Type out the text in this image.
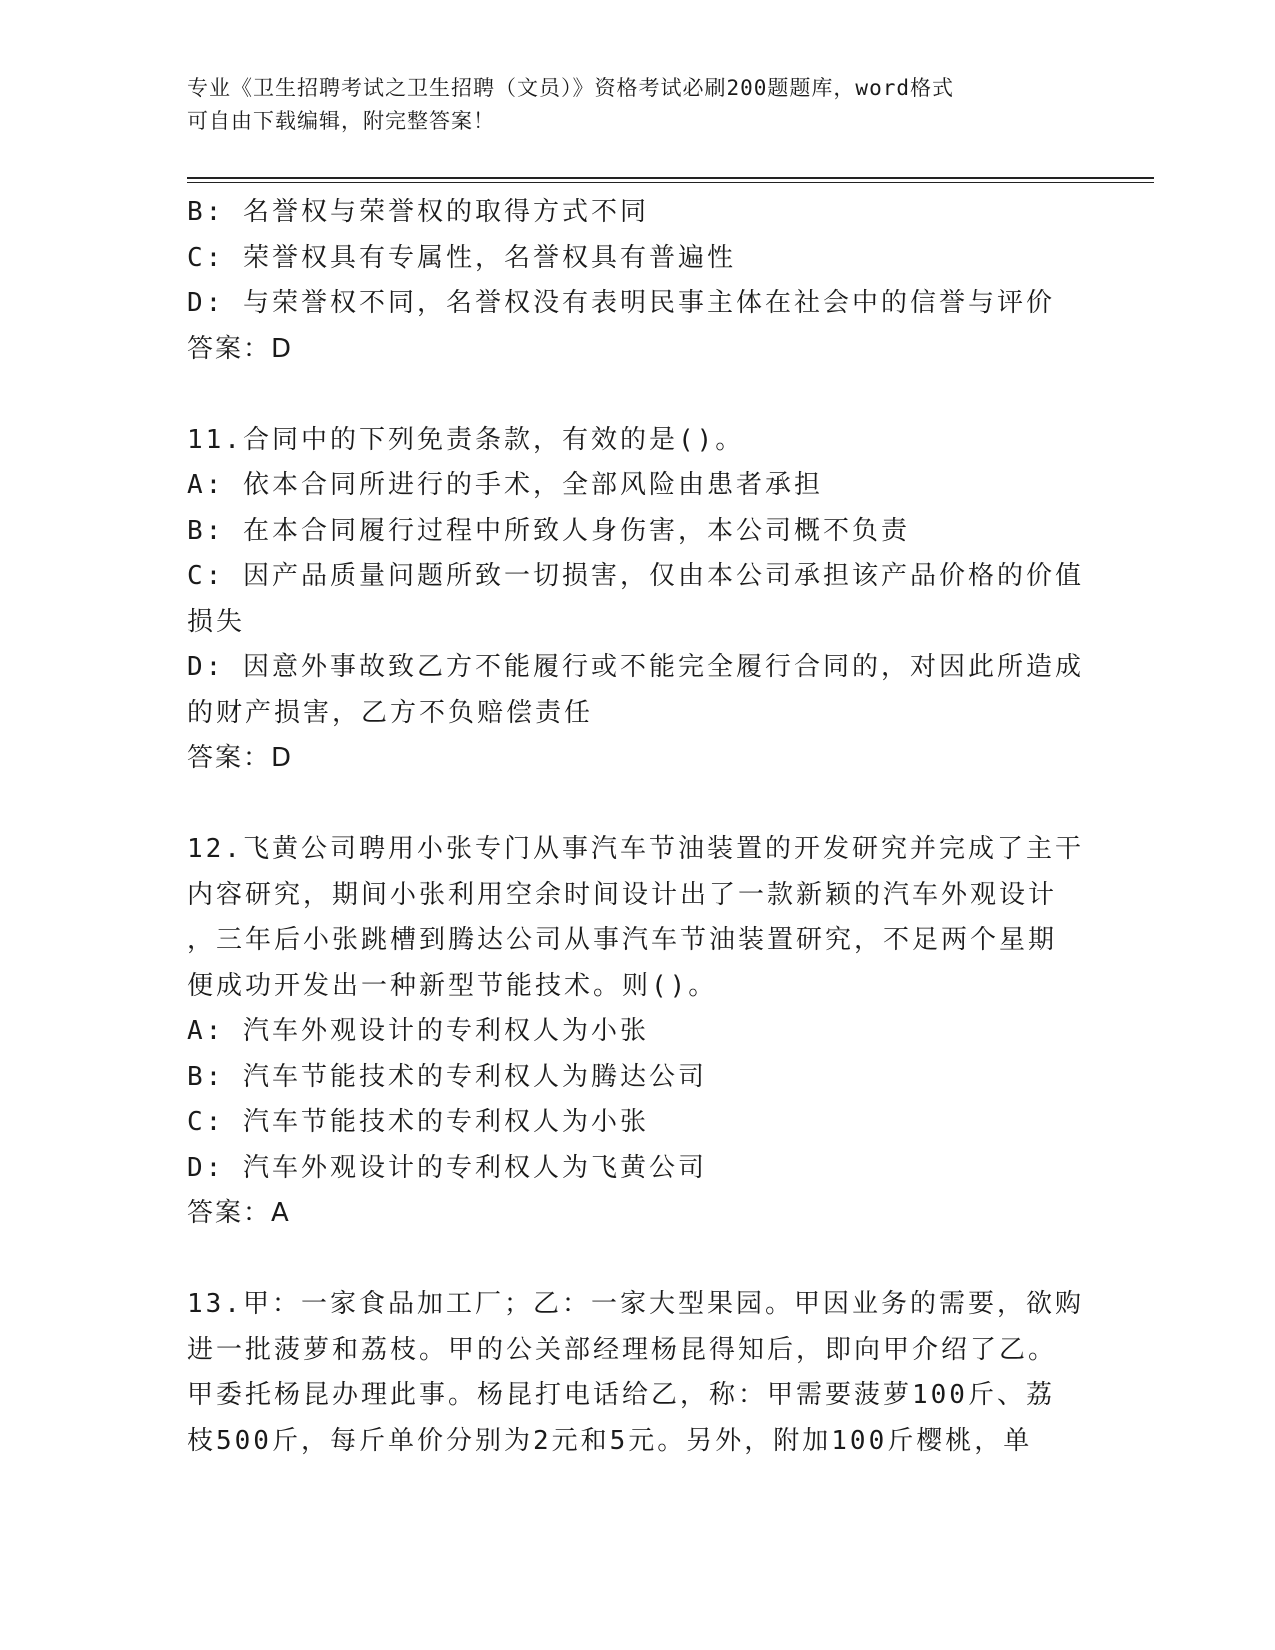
专业《卫生招聘考试之卫生招聘（文员）》资格考试必刷200题题库，word格式
可自由下载编辑，附完整答案！
B: 名誉权与荣誉权的取得方式不同
C: 荣誉权具有专属性，名誉权具有普遍性
D: 与荣誉权不同，名誉权没有表明民事主体在社会中的信誉与评价
答案：D
11.合同中的下列免责条款，有效的是()。
A: 依本合同所进行的手术，全部风险由患者承担
B: 在本合同履行过程中所致人身伤害，本公司概不负责
C: 因产品质量问题所致一切损害，仅由本公司承担该产品价格的价值
损失
D: 因意外事故致乙方不能履行或不能完全履行合同的，对因此所造成
的财产损害，乙方不负赔偿责任
答案：D
12.飞黄公司聘用小张专门从事汽车节油装置的开发研究并完成了主干
内容研究，期间小张利用空余时间设计出了一款新颖的汽车外观设计
，三年后小张跳槽到腾达公司从事汽车节油装置研究，不足两个星期
便成功开发出一种新型节能技术。则()。
A: 汽车外观设计的专利权人为小张
B: 汽车节能技术的专利权人为腾达公司
C: 汽车节能技术的专利权人为小张
D: 汽车外观设计的专利权人为飞黄公司
答案：A
13.甲：一家食品加工厂；乙：一家大型果园。甲因业务的需要，欲购
进一批菠萝和荔枝。甲的公关部经理杨昆得知后，即向甲介绍了乙。
甲委托杨昆办理此事。杨昆打电话给乙，称：甲需要菠萝100斤、荔
枝500斤，每斤单价分别为2元和5元。另外，附加100斤樱桃，单
